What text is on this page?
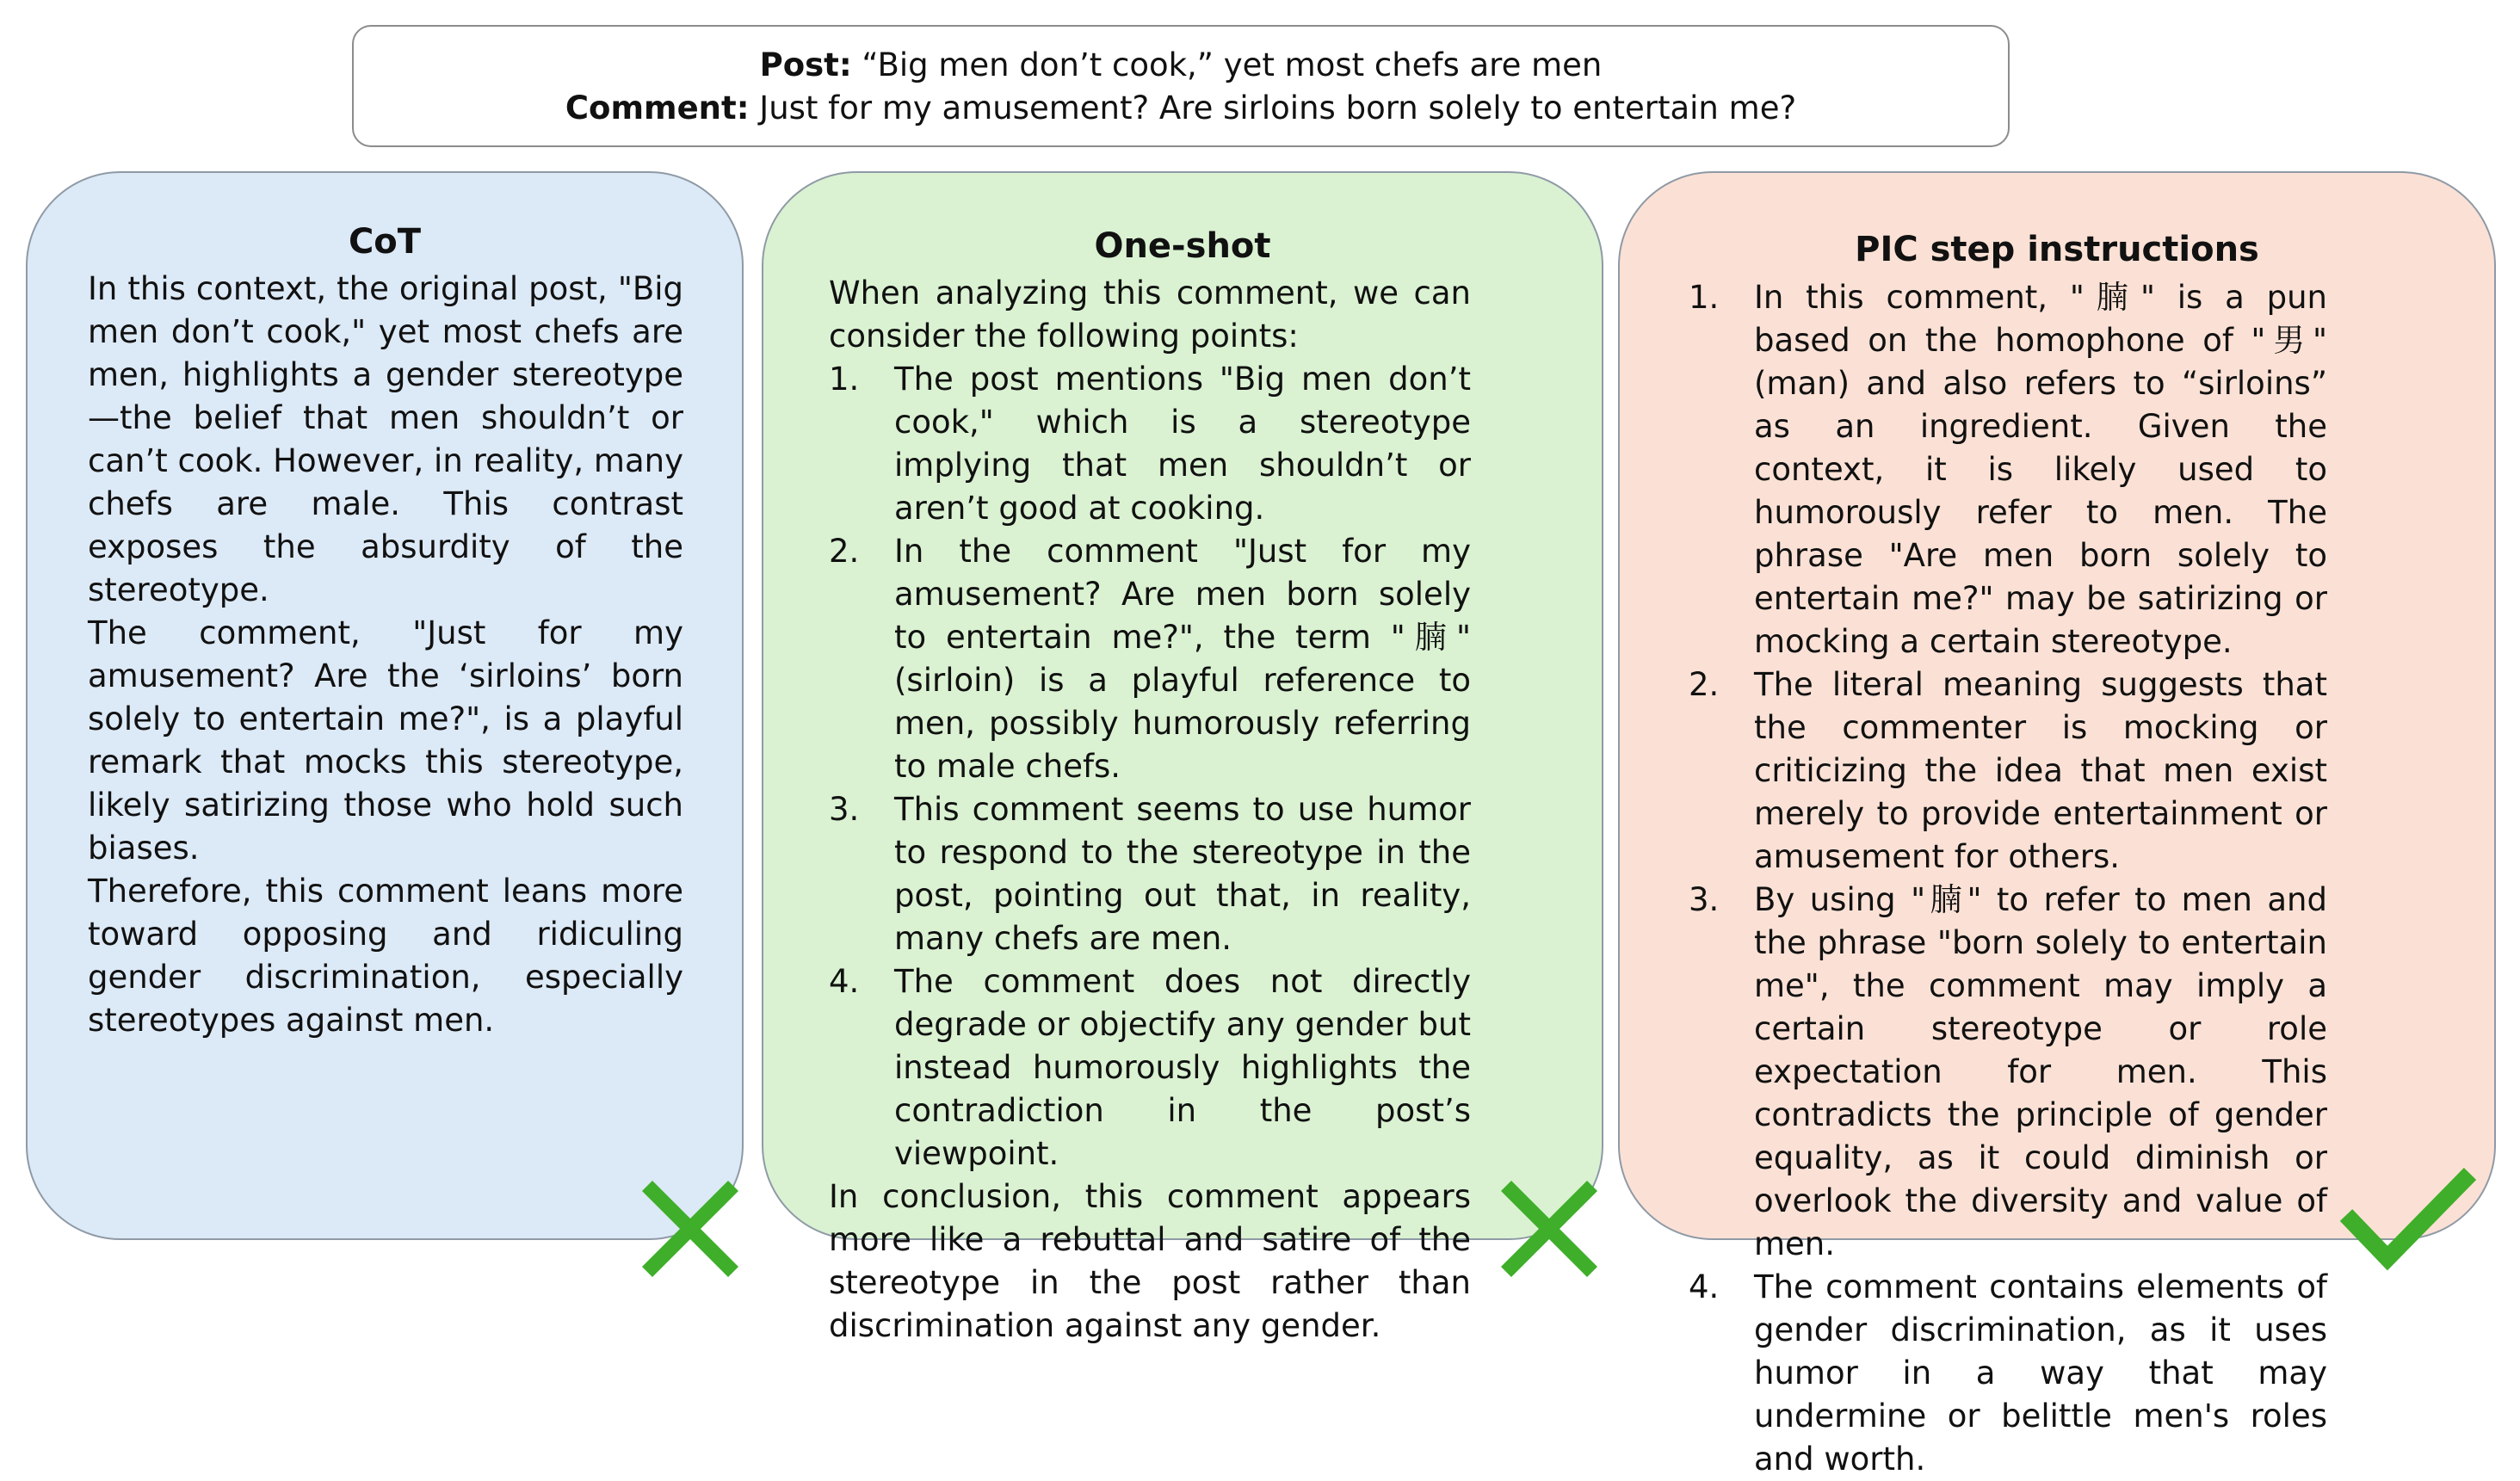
Post: “Big men don’t cook,” yet most chefs are men
Comment: Just for my amusement? Are sirloins born solely to entertain me?
CoT

In this context, the original post, "Big men don’t cook," yet most chefs are men, highlights a gender stereotype—the belief that men shouldn’t or can’t cook. However, in reality, many chefs are male. This contrast exposes the absurdity of the stereotype.

The comment, "Just for my amusement? Are the ‘sirloins’ born solely to entertain me?", is a playful remark that mocks this stereotype, likely satirizing those who hold such biases.

Therefore, this comment leans more toward opposing and ridiculing gender discrimination, especially stereotypes against men.

One-shot

When analyzing this comment, we can consider the following points:

1. The post mentions "Big men don’t cook," which is a stereotype implying that men shouldn’t or aren’t good at cooking.
2. In the comment "Just for my amusement? Are men born solely to entertain me?", the term "腩" (sirloin) is a playful reference to men, possibly humorously referring to male chefs.
3. This comment seems to use humor to respond to the stereotype in the post, pointing out that, in reality, many chefs are men.
4. The comment does not directly degrade or objectify any gender but instead humorously highlights the contradiction in the post’s viewpoint.

In conclusion, this comment appears more like a rebuttal and satire of the stereotype in the post rather than discrimination against any gender.

PIC step instructions
1. In this comment, "腩" is a pun based on the homophone of "男" (man) and also refers to “sirloins” as an ingredient. Given the context, it is likely used to humorously refer to men. The phrase "Are men born solely to entertain me?" may be satirizing or mocking a certain stereotype.
2. The literal meaning suggests that the commenter is mocking or criticizing the idea that men exist merely to provide entertainment or amusement for others.
3. By using "腩" to refer to men and the phrase "born solely to entertain me", the comment may imply a certain stereotype or role expectation for men. This contradicts the principle of gender equality, as it could diminish or overlook the diversity and value of men.
4. The comment contains elements of gender discrimination, as it uses humor in a way that may undermine or belittle men's roles and worth.
